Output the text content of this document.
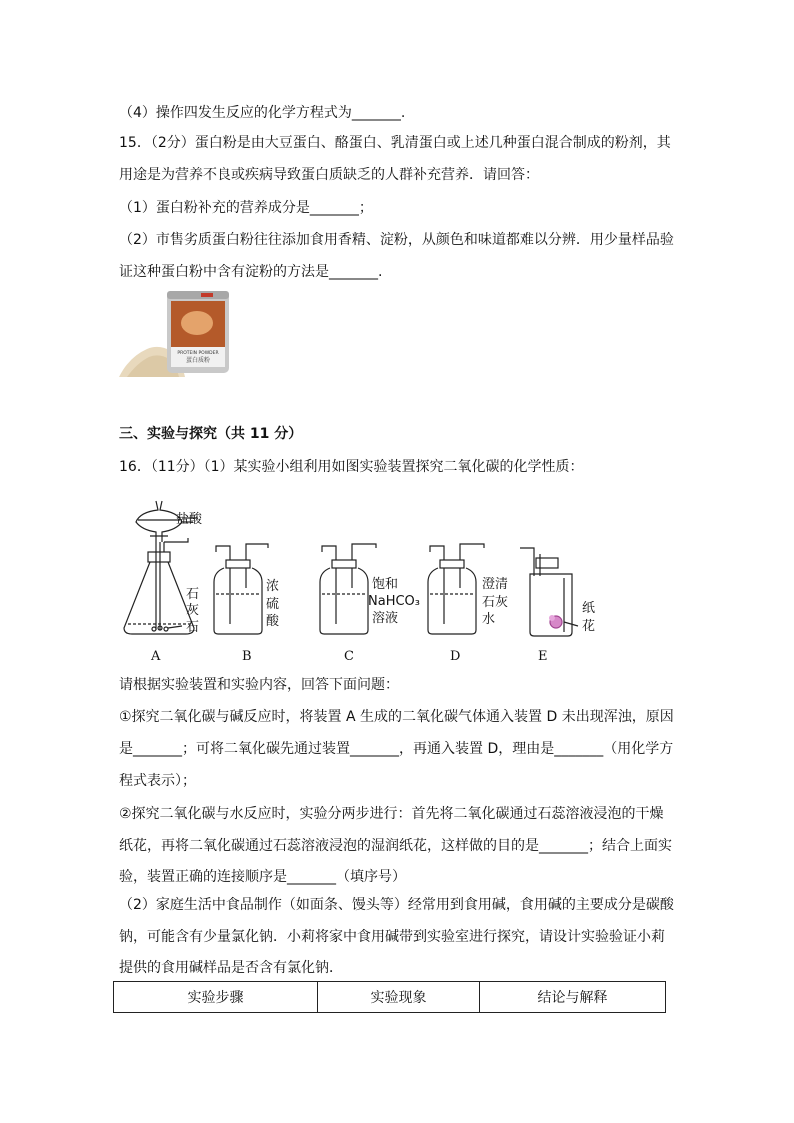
（4）操作四发生反应的化学方程式为_______.
15．（2分）蛋白粉是由大豆蛋白、酪蛋白、乳清蛋白或上述几种蛋白混合制成的粉剂，其
用途是为营养不良或疾病导致蛋白质缺乏的人群补充营养．请回答：
（1）蛋白粉补充的营养成分是_______；
（2）市售劣质蛋白粉往往添加食用香精、淀粉，从颜色和味道都难以分辨．用少量样品验
证这种蛋白粉中含有淀粉的方法是_______.
PROTEIN POWDER
蛋白质粉
三、实验与探究（共 11 分）
16．（11分）（1）某实验小组利用如图实验装置探究二氧化碳的化学性质：
盐酸
石
灰
石
A
浓
硫
酸
B
饱和
NaHCO₃
溶液
C
澄清
石灰
水
D
纸
花
E
请根据实验装置和实验内容，回答下面问题：
①探究二氧化碳与碱反应时，将装置 A 生成的二氧化碳气体通入装置 D 未出现浑浊，原因
是_______；可将二氧化碳先通过装置_______，再通入装置 D，理由是_______（用化学方
程式表示）；
②探究二氧化碳与水反应时，实验分两步进行：首先将二氧化碳通过石蕊溶液浸泡的干燥
纸花，再将二氧化碳通过石蕊溶液浸泡的湿润纸花，这样做的目的是_______；结合上面实
验，装置正确的连接顺序是_______（填序号）
（2）家庭生活中食品制作（如面条、馒头等）经常用到食用碱，食用碱的主要成分是碳酸
钠，可能含有少量氯化钠．小莉将家中食用碱带到实验室进行探究，请设计实验验证小莉
提供的食用碱样品是否含有氯化钠．
实验步骤	实验现象	结论与解释
